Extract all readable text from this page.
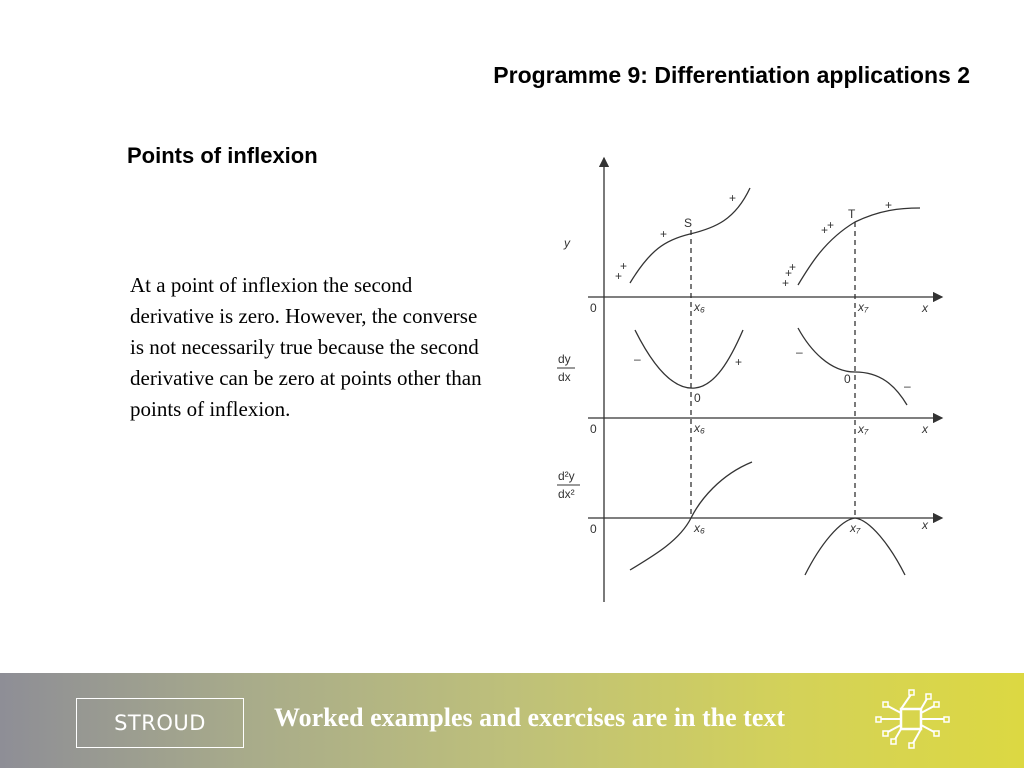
Programme 9: Differentiation applications 2
Points of inflexion
At a point of inflexion the second derivative is zero. However, the converse is not necessarily true because the second derivative can be zero at points other than points of inflexion.
y
0
0
0
x
x
x
x₆
x₆
x₆
x₇
x₇
x₇
S
T
dy
dx
d²y
dx²
+
+
+
+
+
+
+
+
+
+
–	+
0
–
0	–
STROUD	Worked examples and exercises are in the text
